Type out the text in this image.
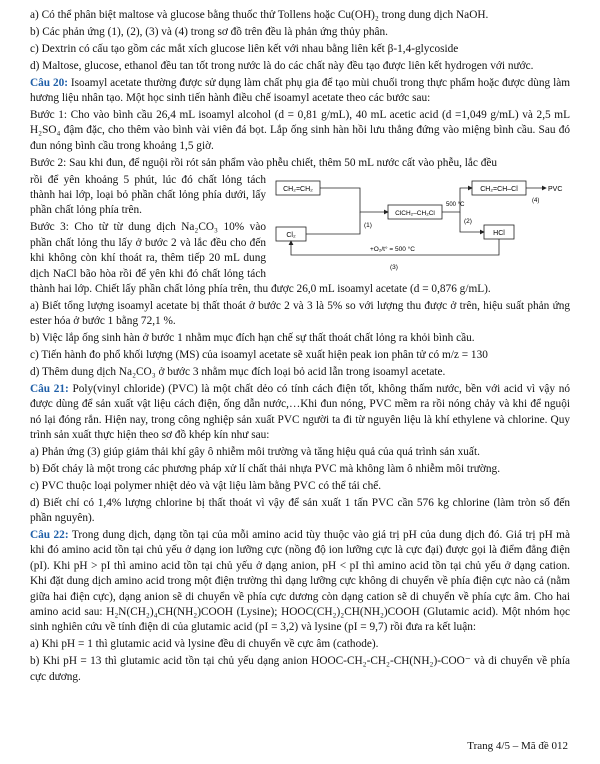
a) Có thể phân biệt maltose và glucose bằng thuốc thử Tollens hoặc Cu(OH)₂ trong dung dịch NaOH.

b) Các phản ứng (1), (2), (3) và (4) trong sơ đồ trên đều là phản ứng thủy phân.

c) Dextrin có cấu tạo gồm các mắt xích glucose liên kết với nhau bằng liên kết β-1,4-glycoside

d) Maltose, glucose, ethanol đều tan tốt trong nước là do các chất này đều tạo được liên kết hydrogen với nước.

Câu 20: Isoamyl acetate thường được sử dụng làm chất phụ gia để tạo mùi chuối trong thực phẩm hoặc được dùng làm hương liệu nhân tạo. Một học sinh tiến hành điều chế isoamyl acetate theo các bước sau:

Bước 1: Cho vào bình cầu 26,4 mL isoamyl alcohol (d = 0,81 g/mL), 40 mL acetic acid (d =1,049 g/mL) và 2,5 mL H₂SO₄ đậm đặc, cho thêm vào bình vài viên đá bọt. Lắp ống sinh hàn hồi lưu thẳng đứng vào miệng bình cầu. Sau đó đun nóng bình cầu trong khoảng 1,5 giờ.

Bước 2: Sau khi đun, để nguội rồi rót sản phẩm vào phễu chiết, thêm 50 mL nước cất vào phễu, lắc đều

CH₂=CH₂
ClCH₂–CH₂Cl
CH₂=CH–Cl	PVC
(4)
Cl₂	HCl
(1)
500 °C
(2)
+O₂/t° = 500 °C
(3)

rồi để yên khoảng 5 phút, lúc đó chất lỏng tách thành hai lớp, loại bỏ phần chất lỏng phía dưới, lấy phần chất lỏng phía trên.

Bước 3: Cho từ từ dung dịch Na₂CO₃ 10% vào phần chất lỏng thu lấy ở bước 2 và lắc đều cho đến khi không còn khí thoát ra, thêm tiếp 20 mL dung dịch NaCl bão hòa rồi để yên khi đó chất lỏng tách thành hai lớp. Chiết lấy phần chất lỏng phía trên, thu được 26,0 mL isoamyl acetate (d = 0,876 g/mL).

a) Biết tổng lượng isoamyl acetate bị thất thoát ở bước 2 và 3 là 5% so với lượng thu được ở trên, hiệu suất phản ứng ester hóa ở bước 1 bằng 72,1 %.

b) Việc lắp ống sinh hàn ở bước 1 nhằm mục đích hạn chế sự thất thoát chất lỏng ra khỏi bình cầu.

c) Tiến hành đo phổ khối lượng (MS) của isoamyl acetate sẽ xuất hiện peak ion phân tử có m/z = 130

d) Thêm dung dịch Na₂CO₃ ở bước 3 nhằm mục đích loại bỏ acid lẫn trong isoamyl acetate.

Câu 21: Poly(vinyl chloride) (PVC) là một chất dẻo có tính cách điện tốt, không thấm nước, bền với acid vì vậy nó được dùng để sản xuất vật liệu cách điện, ống dẫn nước,…Khi đun nóng, PVC mềm ra rồi nóng chảy và khi để nguội nó lại đóng rắn. Hiện nay, trong công nghiệp sản xuất PVC người ta đi từ nguyên liệu là khí ethylene và chlorine. Quy trình sản xuất thực hiện theo sơ đồ khép kín như sau:

a) Phản ứng (3) giúp giảm thải khí gây ô nhiễm môi trường và tăng hiệu quả của quá trình sản xuất.

b) Đốt cháy là một trong các phương pháp xử lí chất thải nhựa PVC mà không làm ô nhiễm môi trường.

c) PVC thuộc loại polymer nhiệt dẻo và vật liệu làm bằng PVC có thể tái chế.

d) Biết chỉ có 1,4% lượng chlorine bị thất thoát vì vậy để sản xuất 1 tấn PVC cần 576 kg chlorine (làm tròn số đến phần nguyên).

Câu 22: Trong dung dịch, dạng tồn tại của mỗi amino acid tùy thuộc vào giá trị pH của dung dịch đó. Giá trị pH mà khi đó amino acid tồn tại chủ yếu ở dạng ion lưỡng cực (nồng độ ion lưỡng cực là cực đại) được gọi là điểm đẳng điện (pI). Khi pH > pI thì amino acid tồn tại chủ yếu ở dạng anion, pH < pI thì amino acid tồn tại chủ yếu ở dạng cation. Khi đặt dung dịch amino acid trong một điện trường thì dạng lưỡng cực không di chuyển về phía điện cực nào cả (nằm giữa hai điện cực), dạng anion sẽ di chuyển về phía cực dương còn dạng cation sẽ di chuyển về phía cực âm. Cho hai amino acid sau: H₂N(CH₂)₄CH(NH₂)COOH (Lysine); HOOC(CH₂)₂CH(NH₂)COOH (Glutamic acid). Một nhóm học sinh nghiên cứu về tính điện di của glutamic acid (pI = 3,2) và lysine (pI = 9,7) rồi đưa ra kết luận:

a) Khi pH = 1 thì glutamic acid và lysine đều di chuyển về cực âm (cathode).

b) Khi pH = 13 thì glutamic acid tồn tại chủ yếu dạng anion HOOC-CH₂-CH₂-CH(NH₂)-COO⁻ và di chuyển về phía cực dương.

Trang 4/5 – Mã đề 012
